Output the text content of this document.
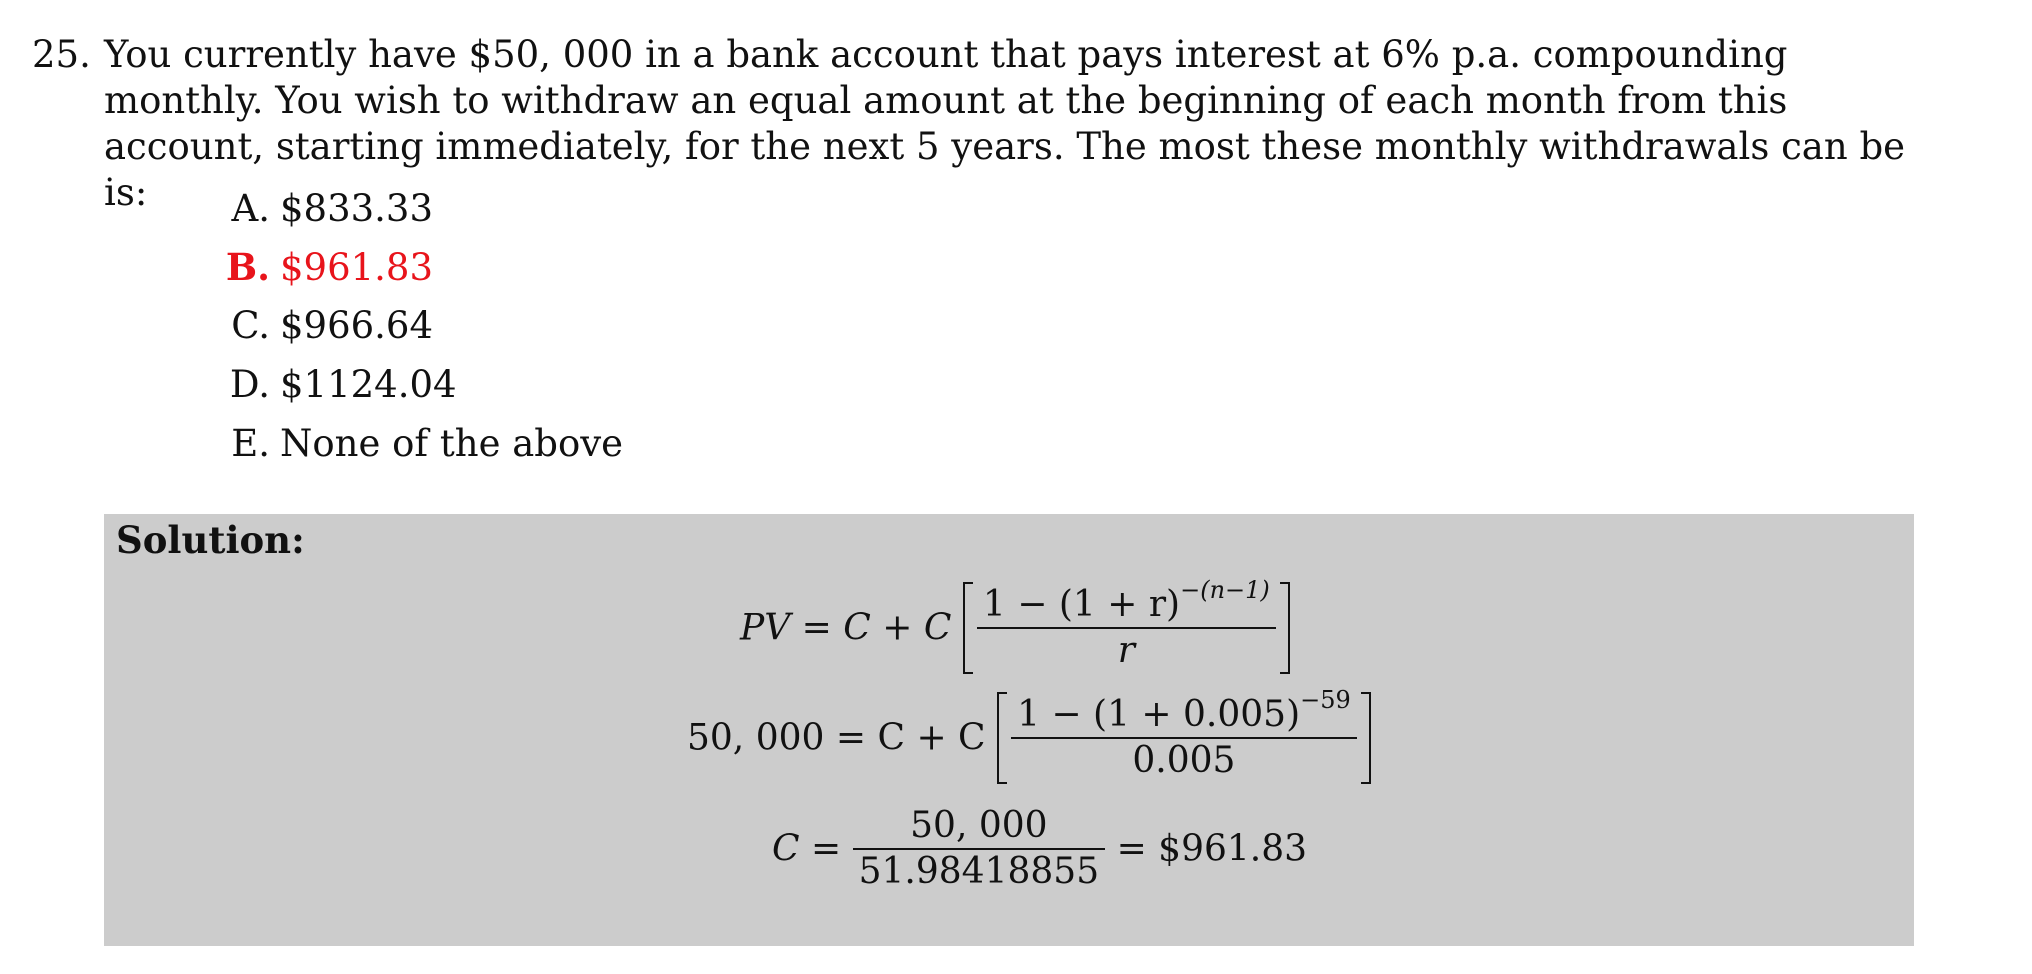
25. You currently have $50, 000 in a bank account that pays interest at 6% p.a. compounding monthly. You wish to withdraw an equal amount at the beginning of each month from this account, starting immediately, for the next 5 years. The most these monthly withdrawals can be is:	A. $833.33
B. $961.83
C. $966.64
D. $1124.04
E. None of the above
Solution:
PV = C + C $\frac{1 - (1 + r)^{-(n-1)}}{r}$
50, 000 = C + C $\frac{1 - (1 + 0.005)^{-59}}{0.005}$
$C = \frac{50, 000}{51.98418855}$ = $961.83
